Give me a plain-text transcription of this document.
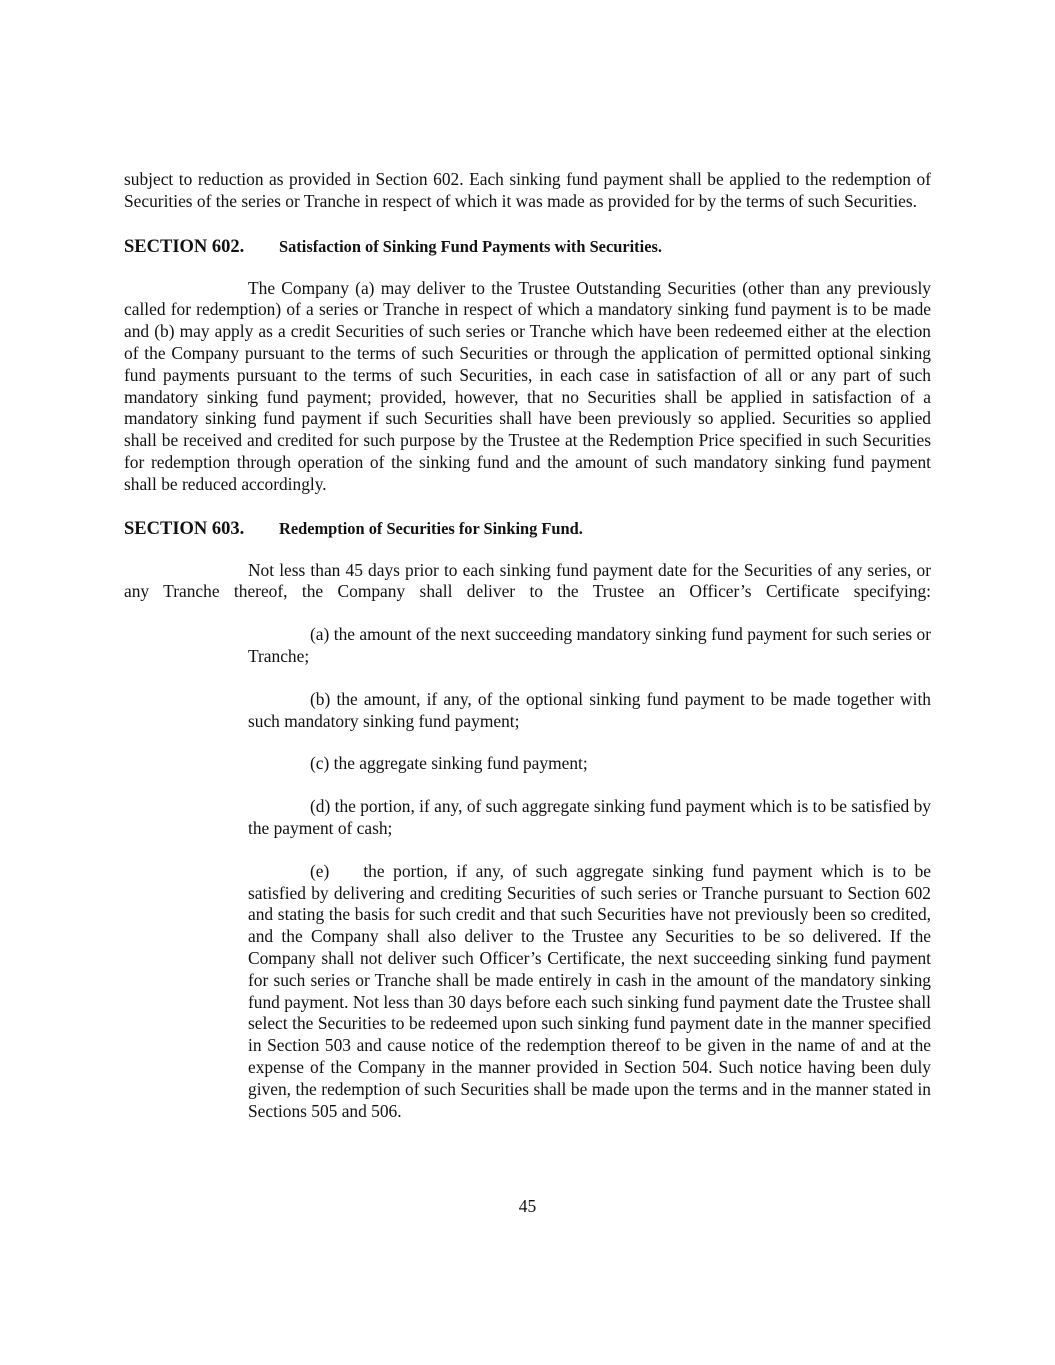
subject to reduction as provided in Section 602. Each sinking fund payment shall be applied to the redemption of Securities of the series or Tranche in respect of which it was made as provided for by the terms of such Securities.

SECTION 602. Satisfaction of Sinking Fund Payments with Securities.

The Company (a) may deliver to the Trustee Outstanding Securities (other than any previously called for redemption) of a series or Tranche in respect of which a mandatory sinking fund payment is to be made and (b) may apply as a credit Securities of such series or Tranche which have been redeemed either at the election of the Company pursuant to the terms of such Securities or through the application of permitted optional sinking fund payments pursuant to the terms of such Securities, in each case in satisfaction of all or any part of such mandatory sinking fund payment; provided, however, that no Securities shall be applied in satisfaction of a mandatory sinking fund payment if such Securities shall have been previously so applied. Securities so applied shall be received and credited for such purpose by the Trustee at the Redemption Price specified in such Securities for redemption through operation of the sinking fund and the amount of such mandatory sinking fund payment shall be reduced accordingly.

SECTION 603. Redemption of Securities for Sinking Fund.

Not less than 45 days prior to each sinking fund payment date for the Securities of any series, or any Tranche thereof, the Company shall deliver to the Trustee an Officer’s Certificate specifying:

(a) the amount of the next succeeding mandatory sinking fund payment for such series or Tranche;

(b) the amount, if any, of the optional sinking fund payment to be made together with such mandatory sinking fund payment;

(c) the aggregate sinking fund payment;

(d) the portion, if any, of such aggregate sinking fund payment which is to be satisfied by the payment of cash;

(e) the portion, if any, of such aggregate sinking fund payment which is to be satisfied by delivering and crediting Securities of such series or Tranche pursuant to Section 602 and stating the basis for such credit and that such Securities have not previously been so credited, and the Company shall also deliver to the Trustee any Securities to be so delivered. If the Company shall not deliver such Officer’s Certificate, the next succeeding sinking fund payment for such series or Tranche shall be made entirely in cash in the amount of the mandatory sinking fund payment. Not less than 30 days before each such sinking fund payment date the Trustee shall select the Securities to be redeemed upon such sinking fund payment date in the manner specified in Section 503 and cause notice of the redemption thereof to be given in the name of and at the expense of the Company in the manner provided in Section 504. Such notice having been duly given, the redemption of such Securities shall be made upon the terms and in the manner stated in Sections 505 and 506.

45
